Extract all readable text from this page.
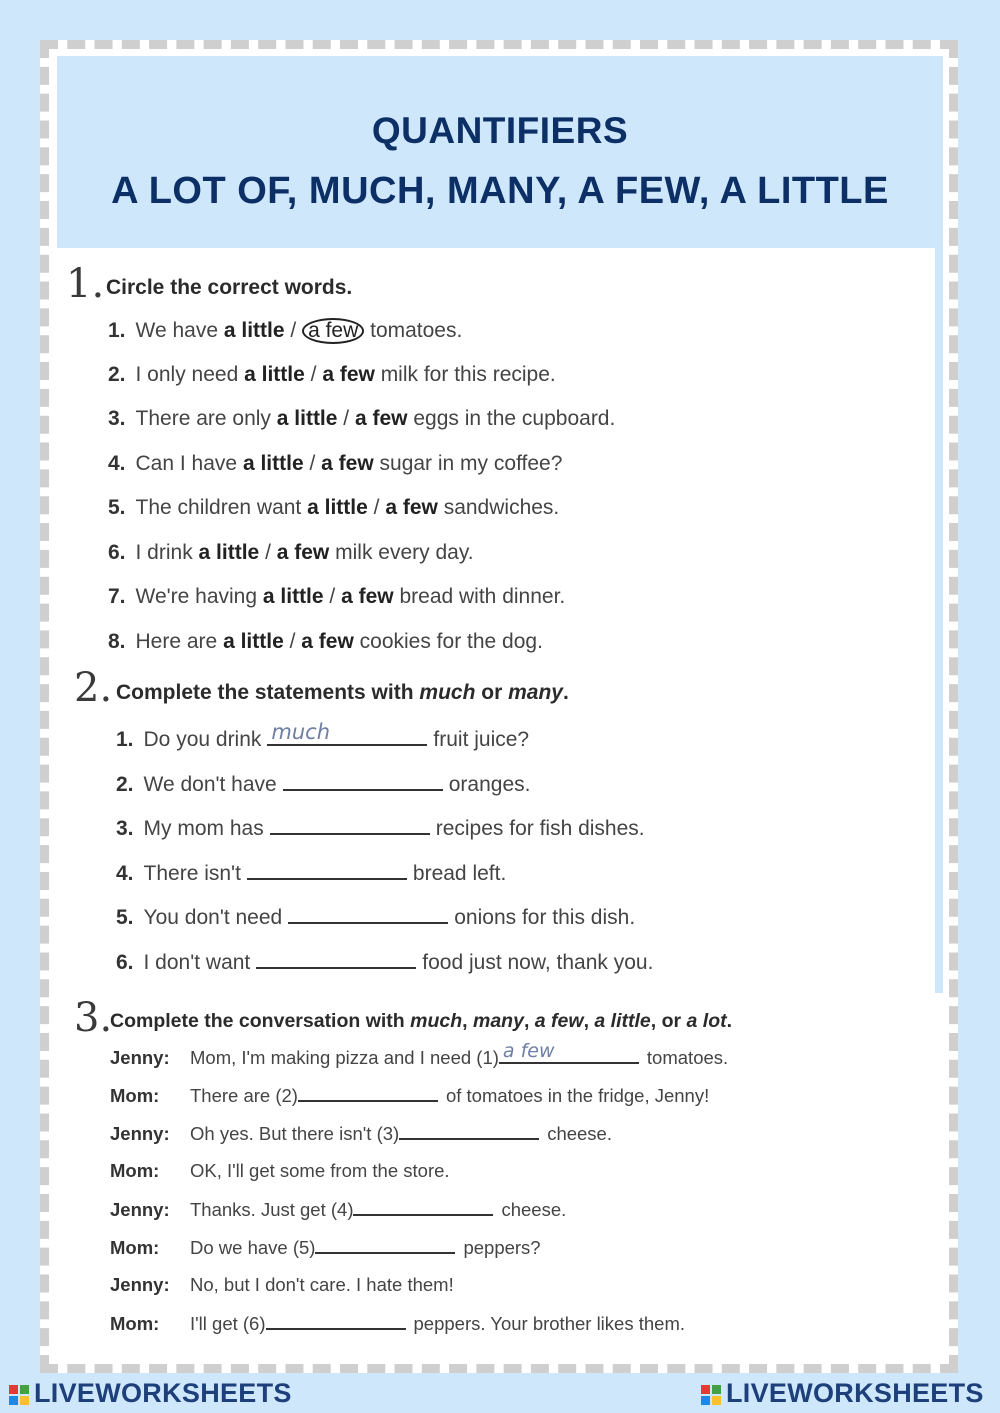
QUANTIFIERS
A LOT OF, MUCH, MANY, A FEW, A LITTLE
1. Circle the correct words.
1. We have a little / a few tomatoes.
2. I only need a little / a few milk for this recipe.
3. There are only a little / a few eggs in the cupboard.
4. Can I have a little / a few sugar in my coffee?
5. The children want a little / a few sandwiches.
6. I drink a little / a few milk every day.
7. We're having a little / a few bread with dinner.
8. Here are a little / a few cookies for the dog.
2. Complete the statements with much or many.
1. Do you drink much	fruit juice?
2. We don't have	oranges.
3. My mom has	recipes for fish dishes.
4. There isn't	bread left.
5. You don't need	onions for this dish.
6. I don't want	food just now, thank you.
3.
Complete the conversation with much, many, a few, a little, or a lot.
Jenny: Mom, I'm making pizza and I need (1) a few	tomatoes.
Mom: There are (2)	of tomatoes in the fridge, Jenny!
Jenny: Oh yes. But there isn't (3)	cheese.
Mom: OK, I'll get some from the store.
Jenny: Thanks. Just get (4)	cheese.
Mom: Do we have (5)	peppers?
Jenny: No, but I don't care. I hate them!
Mom: I'll get (6)	peppers. Your brother likes them.
LIVEWORKSHEETS	LIVEWORKSHEETS
